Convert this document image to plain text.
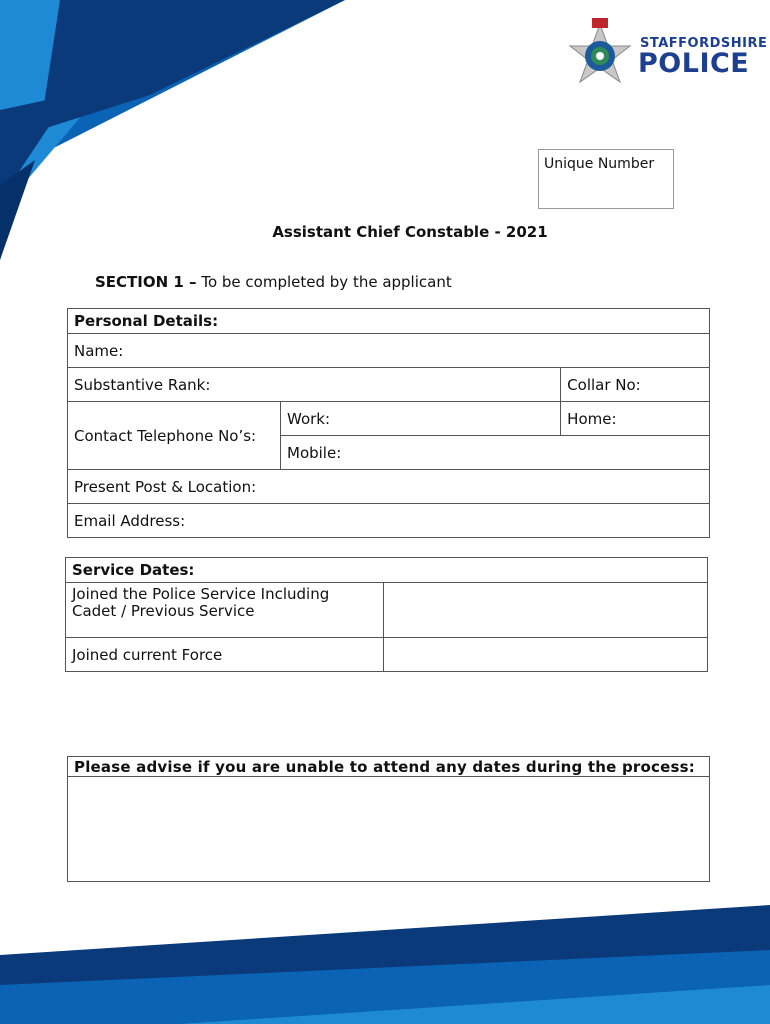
STAFFORDSHIRE
POLICE
Unique Number
Assistant Chief Constable - 2021
SECTION 1 – To be completed by the applicant
Personal Details:		
Name:		
Substantive Rank:		Collar No:
Contact Telephone No’s:	Work:	Home:
	Mobile:	
Present Post & Location:		
Email Address:		
Service Dates:	
Joined the Police Service Including Cadet / Previous Service	
Joined current Force	
Please advise if you are unable to attend any dates during the process:
